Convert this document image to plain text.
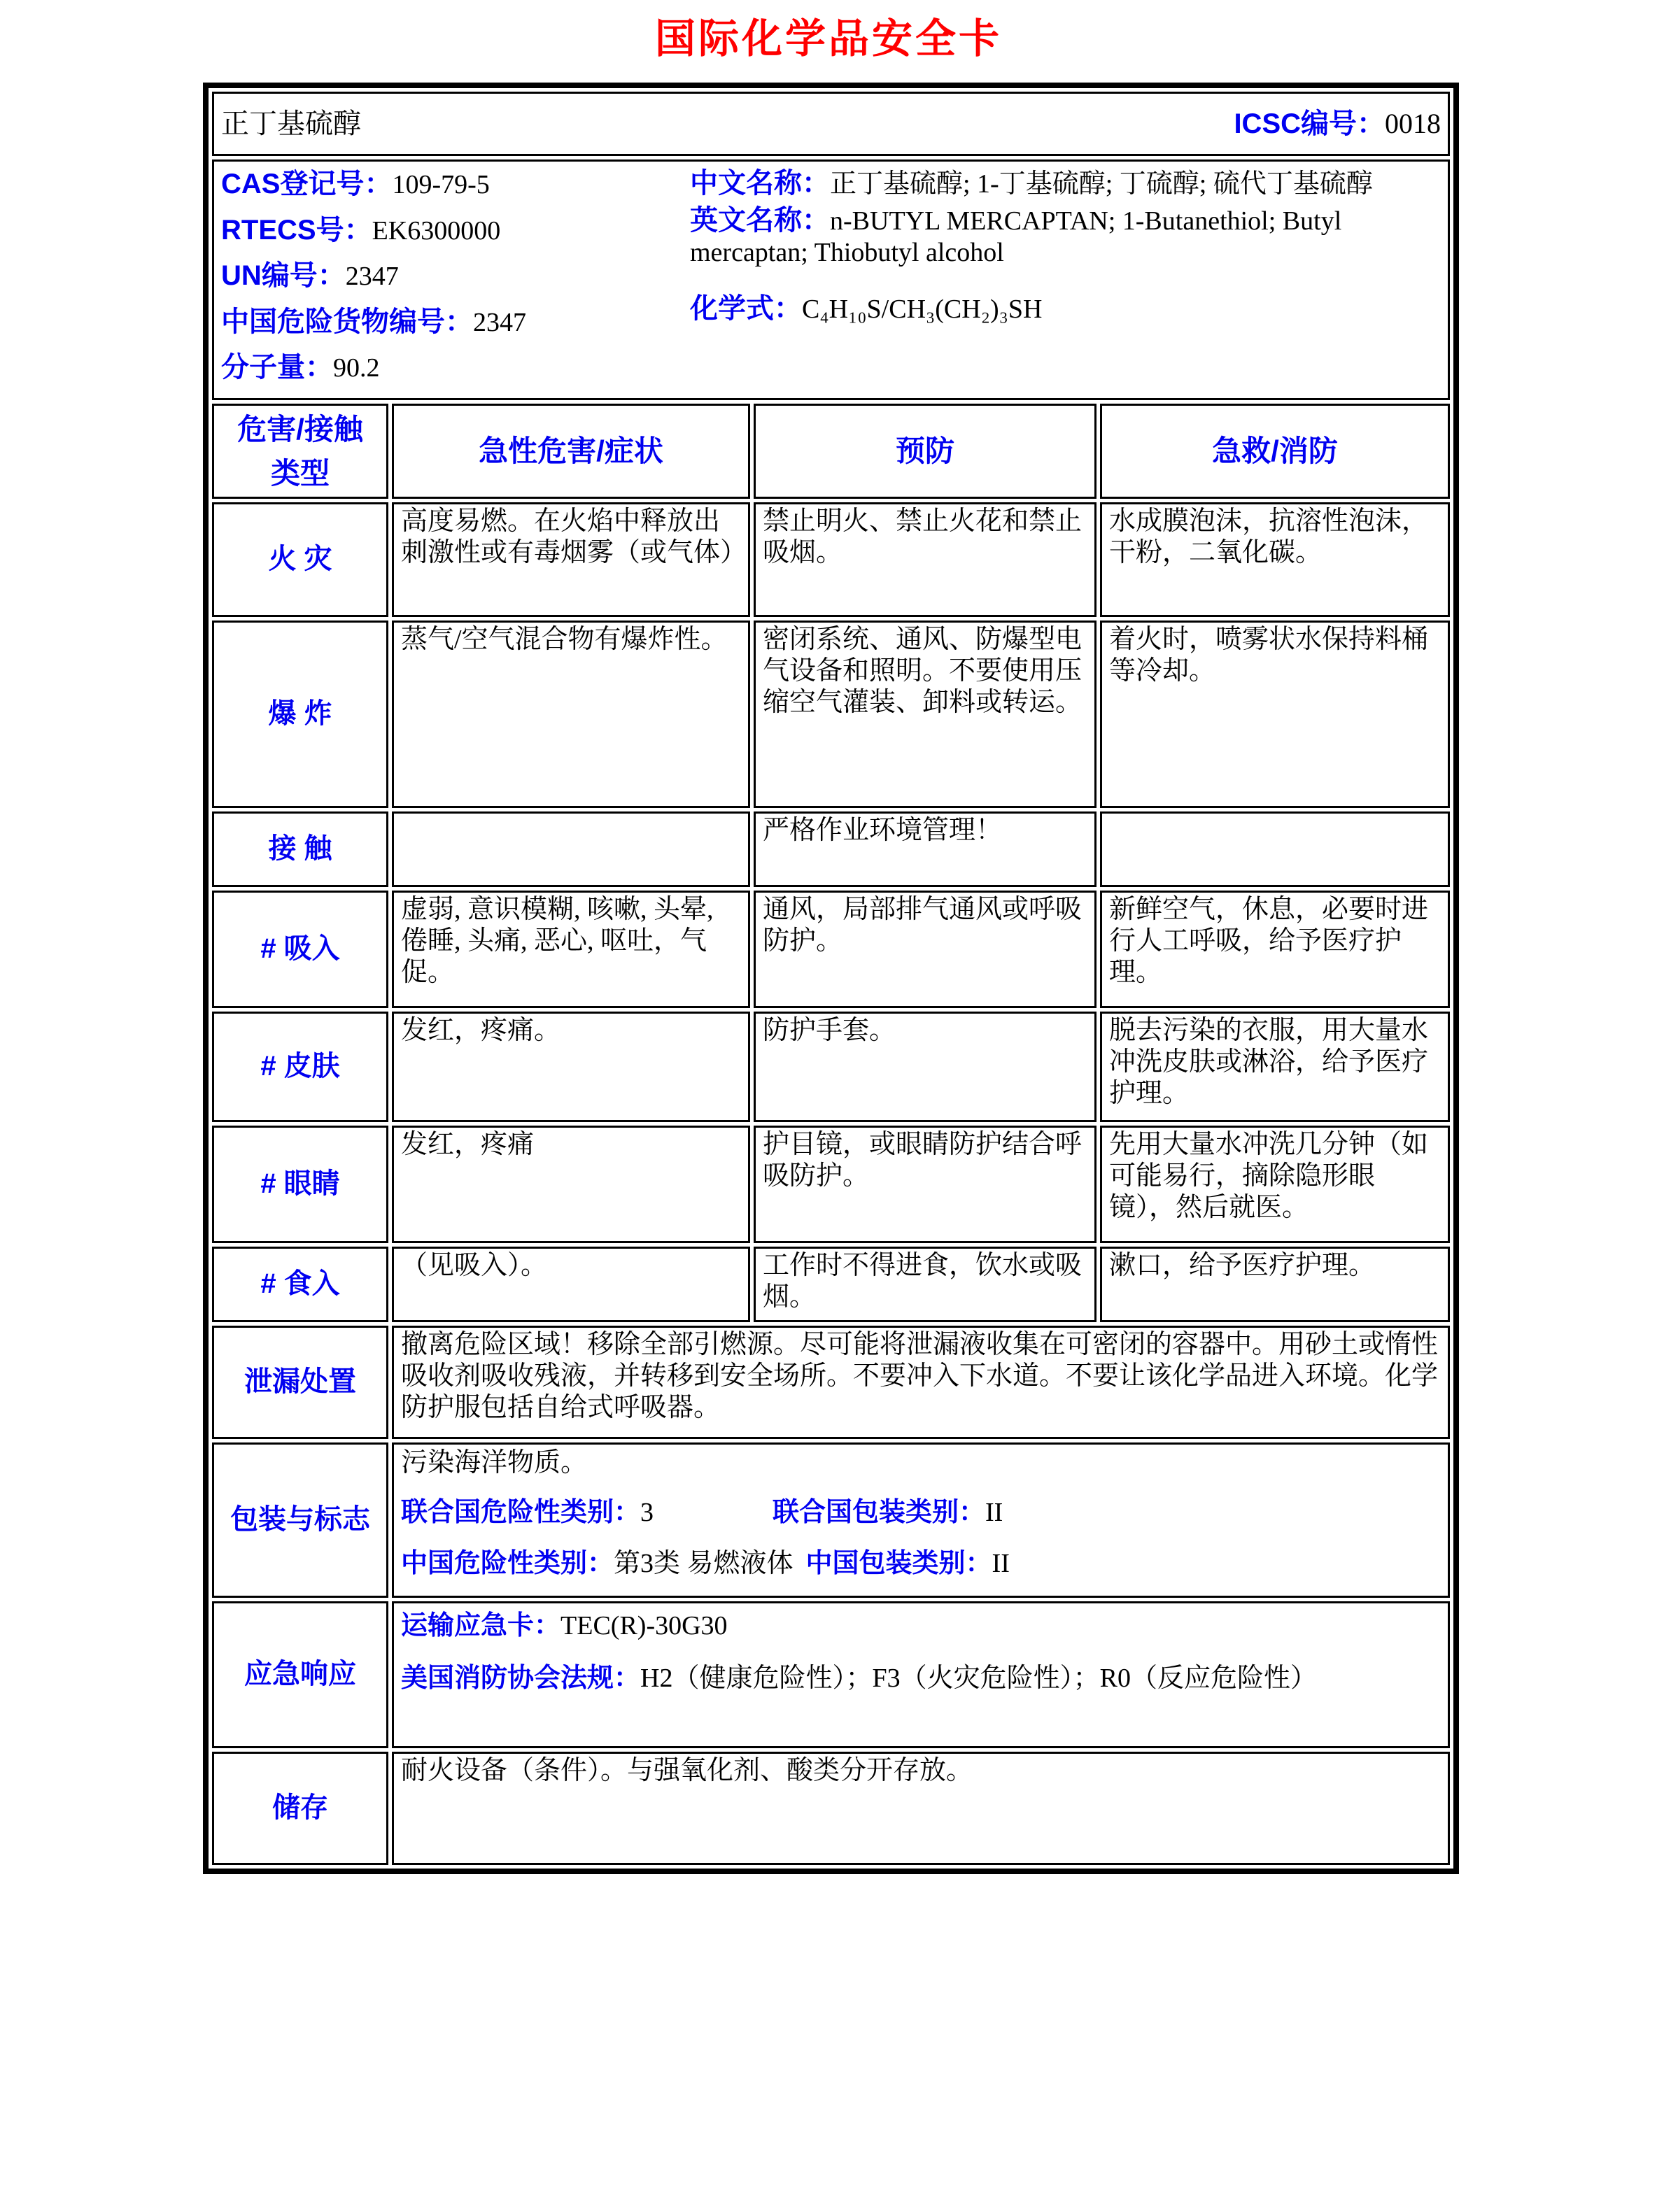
国际化学品安全卡
正丁基硫醇 ICSC编号：0018			

CAS登记号：109-79-5
RTECS号：EK6300000
UN编号：2347
中国危险货物编号：2347
分子量：90.2

中文名称：正丁基硫醇; 1-丁基硫醇; 丁硫醇; 硫代丁基硫醇

英文名称：n-BUTYL MERCAPTAN; 1-Butanethiol; Butyl mercaptan; Thiobutyl alcohol

化学式：C₄H₁₀S/CH₃(CH₂)₃SH

危害/接触 类型	急性危害/症状	预防	急救/消防
火 灾	高度易燃。在火焰中释放出刺激性或有毒烟雾（或气体）	禁止明火、禁止火花和禁止吸烟。	水成膜泡沫，抗溶性泡沫，干粉，二氧化碳。
爆 炸	蒸气/空气混合物有爆炸性。	密闭系统、通风、防爆型电气设备和照明。不要使用压缩空气灌装、卸料或转运。	着火时，喷雾状水保持料桶等冷却。
接 触		严格作业环境管理！	
# 吸入	虚弱, 意识模糊, 咳嗽, 头晕, 倦睡, 头痛, 恶心, 呕吐，气促。	通风，局部排气通风或呼吸防护。	新鲜空气，休息，必要时进行人工呼吸，给予医疗护理。
# 皮肤	发红，疼痛。	防护手套。	脱去污染的衣服，用大量水冲洗皮肤或淋浴，给予医疗护理。
# 眼睛	发红，疼痛	护目镜，或眼睛防护结合呼吸防护。	先用大量水冲洗几分钟（如可能易行，摘除隐形眼镜），然后就医。
# 食入	（见吸入）。	工作时不得进食，饮水或吸烟。	漱口，给予医疗护理。
泄漏处置	撤离危险区域！移除全部引燃源。尽可能将泄漏液收集在可密闭的容器中。用砂土或惰性吸收剂吸收残液，并转移到安全场所。不要冲入下水道。不要让该化学品进入环境。化学防护服包括自给式呼吸器。		
包装与标志	污染海洋物质。
联合国危险性类别：3 联合国包装类别：II
中国危险性类别：第3类 易燃液体 中国包装类别：II		

应急响应	运输应急卡：TEC(R)-30G30
美国消防协会法规：H2（健康危险性）；F3（火灾危险性）；R0（反应危险性）		

储存	耐火设备（条件）。与强氧化剂、酸类分开存放。		
